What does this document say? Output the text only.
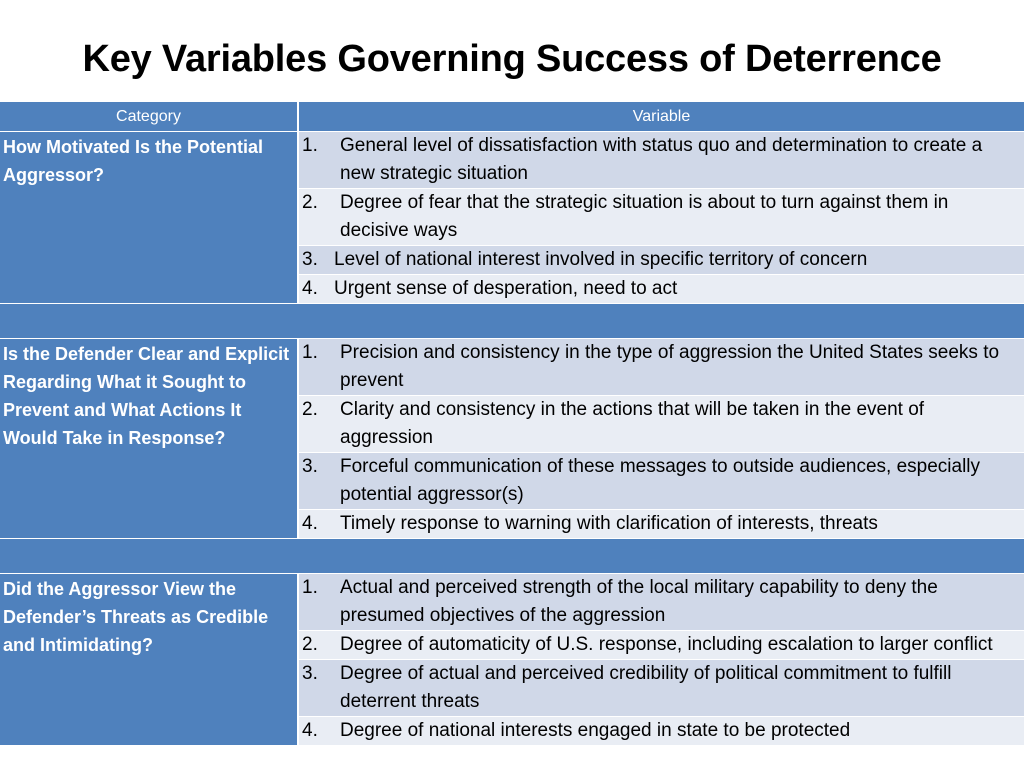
Key Variables Governing Success of Deterrence
Category	Variable
How Motivated Is the Potential Aggressor?	1. General level of dissatisfaction with status quo and determination to create a new strategic situation

	2. Degree of fear that the strategic situation is about to turn against them in decisive ways

	3. Level of national interest involved in specific territory of concern

	4. Urgent sense of desperation, need to act

Is the Defender Clear and Explicit Regarding What it Sought to Prevent and What Actions It Would Take in Response?	1. Precision and consistency in the type of aggression the United States seeks to prevent

	2. Clarity and consistency in the actions that will be taken in the event of aggression

	3. Forceful communication of these messages to outside audiences, especially potential aggressor(s)

	4. Timely response to warning with clarification of interests, threats

Did the Aggressor View the Defender’s Threats as Credible and Intimidating?	1. Actual and perceived strength of the local military capability to deny the presumed objectives of the aggression

	2. Degree of automaticity of U.S. response, including escalation to larger conflict

	3. Degree of actual and perceived credibility of political commitment to fulfill deterrent threats

	4. Degree of national interests engaged in state to be protected
